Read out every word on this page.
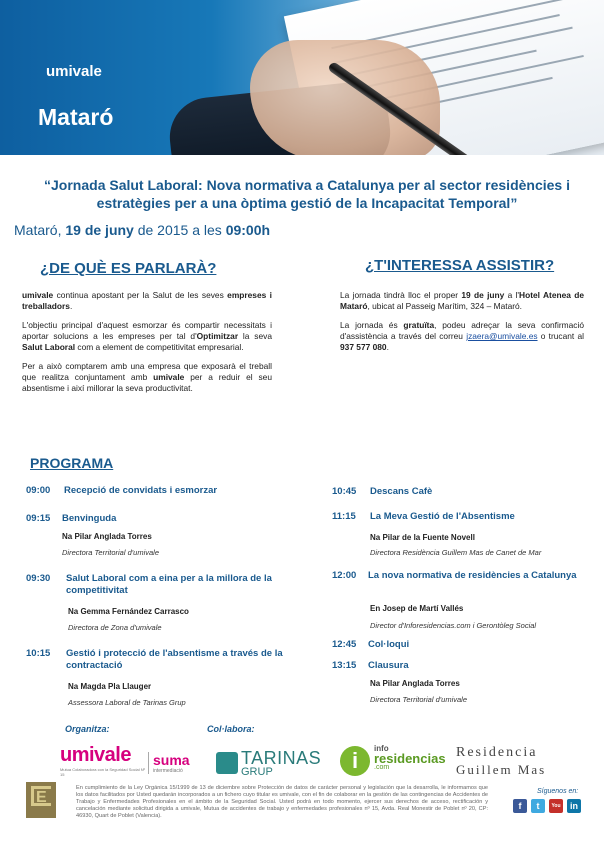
umivale
Mataró
“Jornada Salut Laboral: Nova normativa a Catalunya per al sector residències i
estratègies per a una òptima gestió de la Incapacitat Temporal”
Mataró, 19 de juny de 2015 a les 09:00h
¿DE QUÈ ES PARLARÀ?

umivale continua apostant per la Salut de les seves empreses i treballadors.

L'objectiu principal d'aquest esmorzar és compartir necessitats i aportar solucions a les empreses per tal d'Optimitzar la seva Salut Laboral com a element de competitivitat empresarial.

Per a això comptarem amb una empresa que exposarà el treball que realitza conjuntament amb umivale per a reduir el seu absentisme i així millorar la seva productivitat.

¿T'INTERESSA ASSISTIR?

La jornada tindrà lloc el proper 19 de juny a l'Hotel Atenea de Mataró, ubicat al Passeig Marítim, 324 – Mataró.

La jornada és gratuïta, podeu adreçar la seva confirmació d'assistència a través del correu jzaera@umivale.es o trucant al 937 577 080.

PROGRAMA
09:00 Recepció de convidats i esmorzar
09:15 Benvinguda
Na Pilar Anglada Torres
Directora Territorial d'umivale
09:30 Salut Laboral com a eina per a la millora de la competitivitat
Na Gemma Fernández Carrasco
Directora de Zona d'umivale
10:15 Gestió i protecció de l'absentisme a través de la contractació
Na Magda Pla Llauger
Assessora Laboral de Tarinas Grup
10:45 Descans Cafè
11:15 La Meva Gestió de l'Absentisme
Na Pilar de la Fuente Novell
Directora Residència Guillem Mas de Canet de Mar
12:00 La nova normativa de residències a Catalunya
En Josep de Martí Vallés
Director d'Inforesidencias.com i Gerontòleg Social
12:45 Col·loqui
13:15 Clausura
Na Pilar Anglada Torres
Directora Territorial d'umivale
Organitza:	Col·labora:
umivale
Mutua Colaboradora con la Seguridad Social Nº 15
suma
intermediació
TARINAS
GRUP	i	info
residencias
.com
Residencia
Guillem Mas
E
En cumplimiento de la Ley Orgánica 15/1999 de 13 de diciembre sobre Protección de datos de carácter personal y legislación que la desarrolla, le informamos que los datos facilitados por Usted quedarán incorporados a un fichero cuyo titular es umivale, con el fin de colaborar en la gestión de las contingencias de Accidentes de Trabajo y Enfermedades Profesionales en el ámbito de la Seguridad Social. Usted podrá en todo momento, ejercer sus derechos de acceso, rectificación y cancelación mediante solicitud dirigida a umivale, Mutua de accidentes de trabajo y enfermedades profesionales nº 15, Avda. Real Monestir de Poblet nº 20, CP: 46930, Quart de Poblet (Valencia).
Síguenos en:
f	t	You	in
